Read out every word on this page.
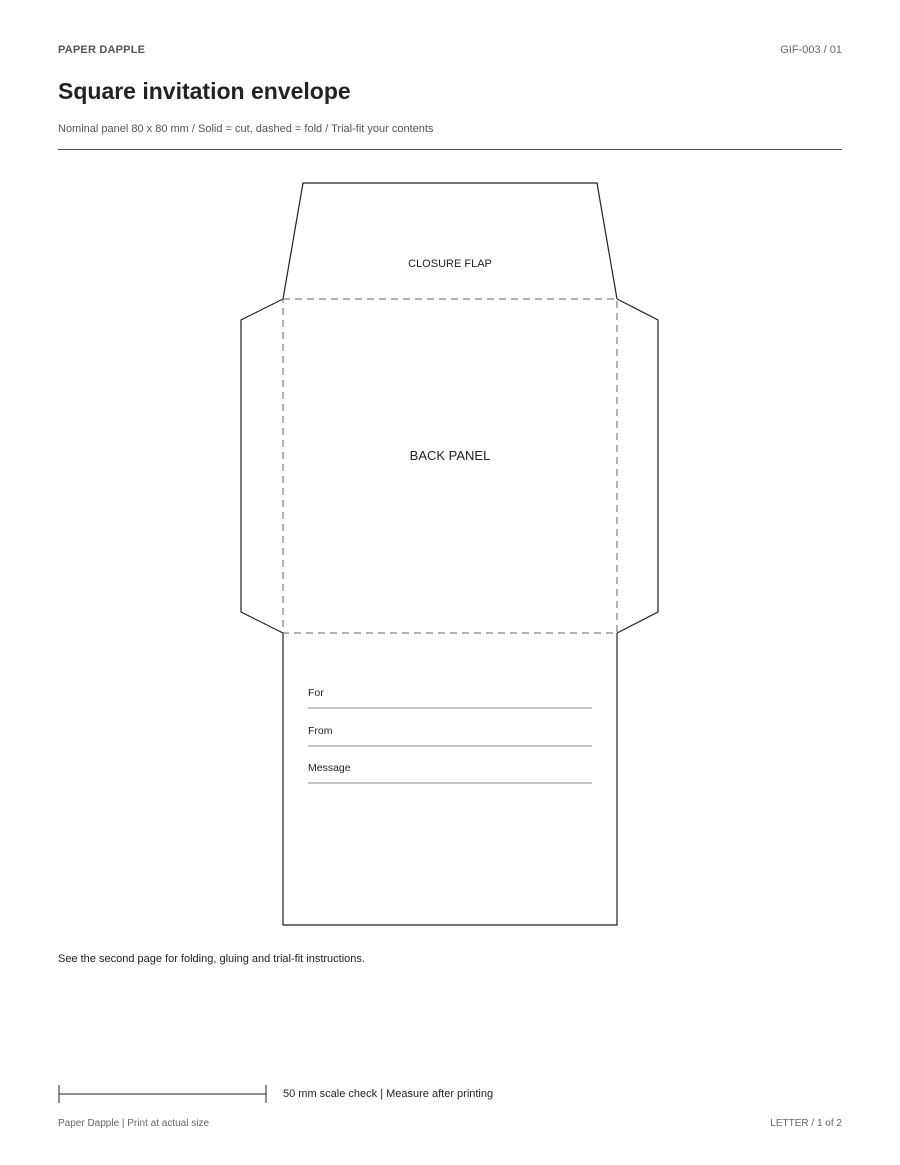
PAPER DAPPLE	GIF-003 / 01
Square invitation envelope
Nominal panel 80 x 80 mm / Solid = cut, dashed = fold / Trial-fit your contents
CLOSURE FLAP
BACK PANEL
For
From
Message
See the second page for folding, gluing and trial-fit instructions.
50 mm scale check | Measure after printing
Paper Dapple | Print at actual size	LETTER / 1 of 2
